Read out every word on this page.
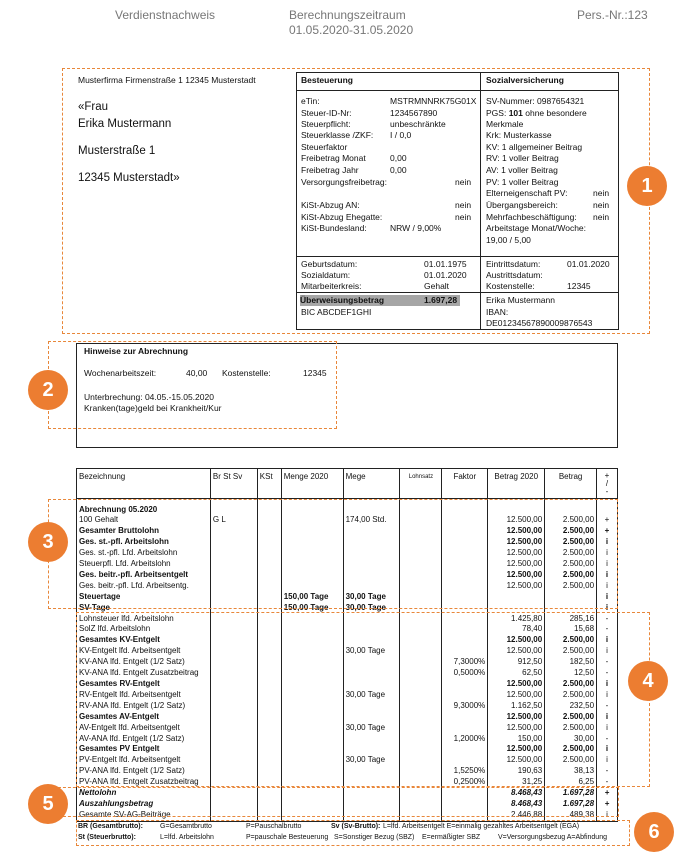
Verdienstnachweis	Berechnungszeitraum
01.05.2020-31.05.2020
Pers.-Nr.:123
Musterfirma Firmenstraße 1 12345 Musterstadt
«Frau
Erika Mustermann
Musterstraße 1
12345 Musterstadt»
Besteuerung	Sozialversicherung
eTin:	MSTRMNNRK75G01X
Steuer-ID-Nr:	1234567890
Steuerpflicht:	unbeschränkte
Steuerklasse /ZKF: I / 0,0
Steuerfaktor
Freibetrag Monat	0,00
Freibetrag Jahr	0,00
Versorgungsfreibetrag:	nein
KiSt-Abzug AN:	nein
KiSt-Abzug Ehegatte:	nein
KiSt-Bundesland:	NRW / 9,00%
SV-Nummer: 0987654321
PGS: 101 ohne besondere
Merkmale
Krk: Musterkasse
KV: 1 allgemeiner Beitrag
RV: 1 voller Beitrag
AV: 1 voller Beitrag
PV: 1 voller Beitrag
Elterneigenschaft PV:	nein
Übergangsbereich:	nein
Mehrfachbeschäftigung: nein
Arbeitstage Monat/Woche:
19,00 / 5,00
Geburtsdatum:	01.01.1975
Sozialdatum:	01.01.2020
Mitarbeiterkreis:	Gehalt
Eintrittsdatum:	01.01.2020
Austrittsdatum:
Kostenstelle:	12345
Überweisungsbetrag	1.697,28
BIC ABCDEF1GHI
Erika Mustermann
IBAN:
DE01234567890009876543
Hinweise zur Abrechnung
Wochenarbeitszeit:	40,00 Kostenstelle:	12345
Unterbrechung: 04.05.-15.05.2020
Kranken(tage)geld bei Krankheit/Kur
Bezeichnung	Br St Sv	KSt	Menge 2020	Mege	Lohnsatz	Faktor	Betrag 2020	Betrag	+
/
-

Abrechnung 05.2020									
100 Gehalt	G L			174,00 Std.			12.500,00	2.500,00	+
Gesamter Bruttolohn							12.500,00	2.500,00	+
Ges. st.-pfl. Arbeitslohn							12.500,00	2.500,00	i
Ges. st.-pfl. Lfd. Arbeitslohn							12.500,00	2.500,00	i
Steuerpfl. Lfd. Arbeitslohn							12.500,00	2.500,00	i
Ges. beitr.-pfl. Arbeitsentgelt							12.500,00	2.500,00	i
Ges. beitr.-pfl. Lfd. Arbeitsentg.							12.500,00	2.500,00	i
Steuertage			150,00 Tage	30,00 Tage					i
SV-Tage			150,00 Tage	30,00 Tage					i
Lohnsteuer lfd. Arbeitslohn							1.425,80	285,16	-
SolZ lfd. Arbeitslohn							78,40	15,68	-
Gesamtes KV-Entgelt							12.500,00	2.500,00	i
KV-Entgelt lfd. Arbeitsentgelt				30,00 Tage			12.500,00	2.500,00	i
KV-ANA lfd. Entgelt (1/2 Satz)						7,3000%	912,50	182,50	-
KV-ANA lfd. Entgelt Zusatzbeitrag						0,5000%	62,50	12,50	-
Gesamtes RV-Entgelt							12.500,00	2.500,00	i
RV-Entgelt lfd. Arbeitsentgelt				30,00 Tage			12.500,00	2.500,00	i
RV-ANA lfd. Entgelt (1/2 Satz)						9,3000%	1.162,50	232,50	-
Gesamtes AV-Entgelt							12.500,00	2.500,00	i
AV-Entgelt lfd. Arbeitsentgelt				30,00 Tage			12.500,00	2.500,00	i
AV-ANA lfd. Entgelt (1/2 Satz)						1,2000%	150,00	30,00	-
Gesamtes PV Entgelt							12.500,00	2.500,00	i
PV-Entgelt lfd. Arbeitsentgelt				30,00 Tage			12.500,00	2.500,00	i
PV-ANA lfd. Entgelt (1/2 Satz)						1,5250%	190,63	38,13	-
PV-ANA lfd. Entgelt Zusatzbeitrag						0,2500%	31,25	6,25	-
Nettolohn							8.468,43	1.697,28	+
Auszahlungsbetrag							8.468,43	1.697,28	+
Gesamte SV-AG-Beiträge							2.446,88	489,38	i
BR (Gesamtbrutto): G=Gesamtbrutto	P=Pauschalbrutto	Sv (Sv-Brutto): L=lfd. Arbeitsentgelt E=einmalig gezahltes Arbeitsentgelt (EGA)
St (Steuerbrutto):	L=lfd. Arbeitslohn	P=pauschale Besteuerung S=Sonstiger Bezug (SBZ) E=ermäßigter SBZ	V=Versorgungsbezug A=Abfindung
1
2
3
4
5
6
